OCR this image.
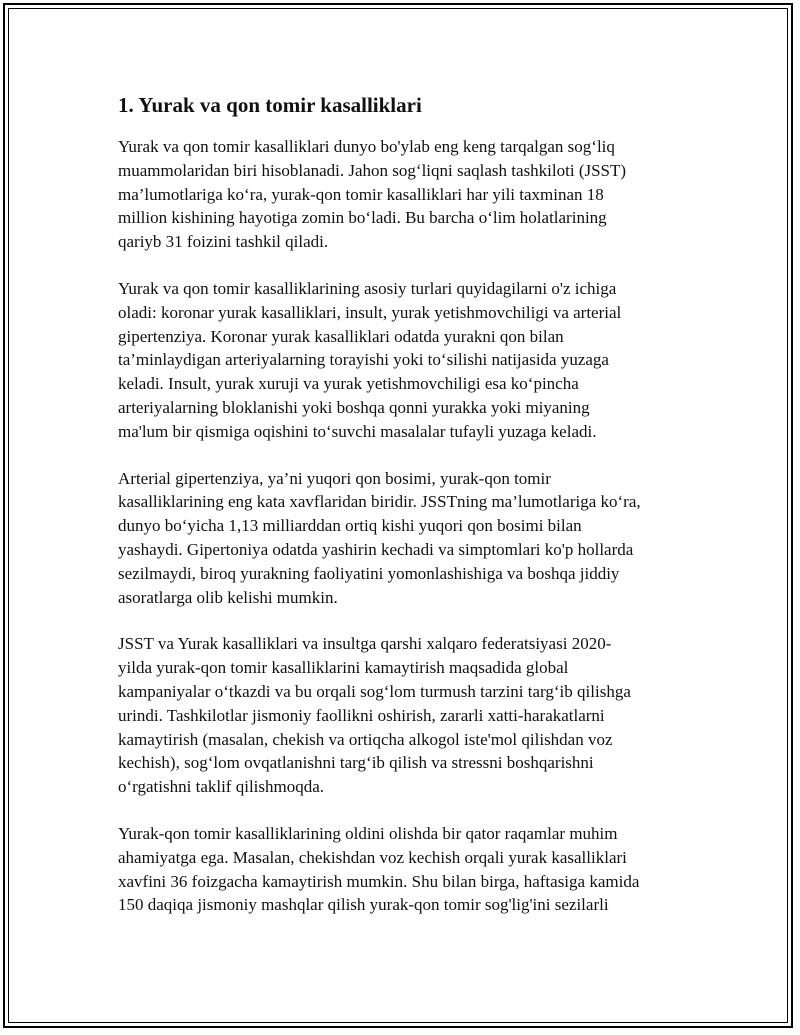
1. Yurak va qon tomir kasalliklari

Yurak va qon tomir kasalliklari dunyo bo'ylab eng keng tarqalgan sog‘liq
muammolaridan biri hisoblanadi. Jahon sog‘liqni saqlash tashkiloti (JSST)
ma’lumotlariga ko‘ra, yurak-qon tomir kasalliklari har yili taxminan 18
million kishining hayotiga zomin bo‘ladi. Bu barcha o‘lim holatlarining
qariyb 31 foizini tashkil qiladi.

Yurak va qon tomir kasalliklarining asosiy turlari quyidagilarni o'z ichiga
oladi: koronar yurak kasalliklari, insult, yurak yetishmovchiligi va arterial
gipertenziya. Koronar yurak kasalliklari odatda yurakni qon bilan
ta’minlaydigan arteriyalarning torayishi yoki to‘silishi natijasida yuzaga
keladi. Insult, yurak xuruji va yurak yetishmovchiligi esa ko‘pincha
arteriyalarning bloklanishi yoki boshqa qonni yurakka yoki miyaning
ma'lum bir qismiga oqishini to‘suvchi masalalar tufayli yuzaga keladi.

Arterial gipertenziya, ya’ni yuqori qon bosimi, yurak-qon tomir
kasalliklarining eng kata xavflaridan biridir. JSSTning ma’lumotlariga ko‘ra,
dunyo bo‘yicha 1,13 milliarddan ortiq kishi yuqori qon bosimi bilan
yashaydi. Gipertoniya odatda yashirin kechadi va simptomlari ko'p hollarda
sezilmaydi, biroq yurakning faoliyatini yomonlashishiga va boshqa jiddiy
asoratlarga olib kelishi mumkin.

JSST va Yurak kasalliklari va insultga qarshi xalqaro federatsiyasi 2020-
yilda yurak-qon tomir kasalliklarini kamaytirish maqsadida global
kampaniyalar o‘tkazdi va bu orqali sog‘lom turmush tarzini targ‘ib qilishga
urindi. Tashkilotlar jismoniy faollikni oshirish, zararli xatti-harakatlarni
kamaytirish (masalan, chekish va ortiqcha alkogol iste'mol qilishdan voz
kechish), sog‘lom ovqatlanishni targ‘ib qilish va stressni boshqarishni
o‘rgatishni taklif qilishmoqda.

Yurak-qon tomir kasalliklarining oldini olishda bir qator raqamlar muhim
ahamiyatga ega. Masalan, chekishdan voz kechish orqali yurak kasalliklari
xavfini 36 foizgacha kamaytirish mumkin. Shu bilan birga, haftasiga kamida
150 daqiqa jismoniy mashqlar qilish yurak-qon tomir sog'lig'ini sezilarli
